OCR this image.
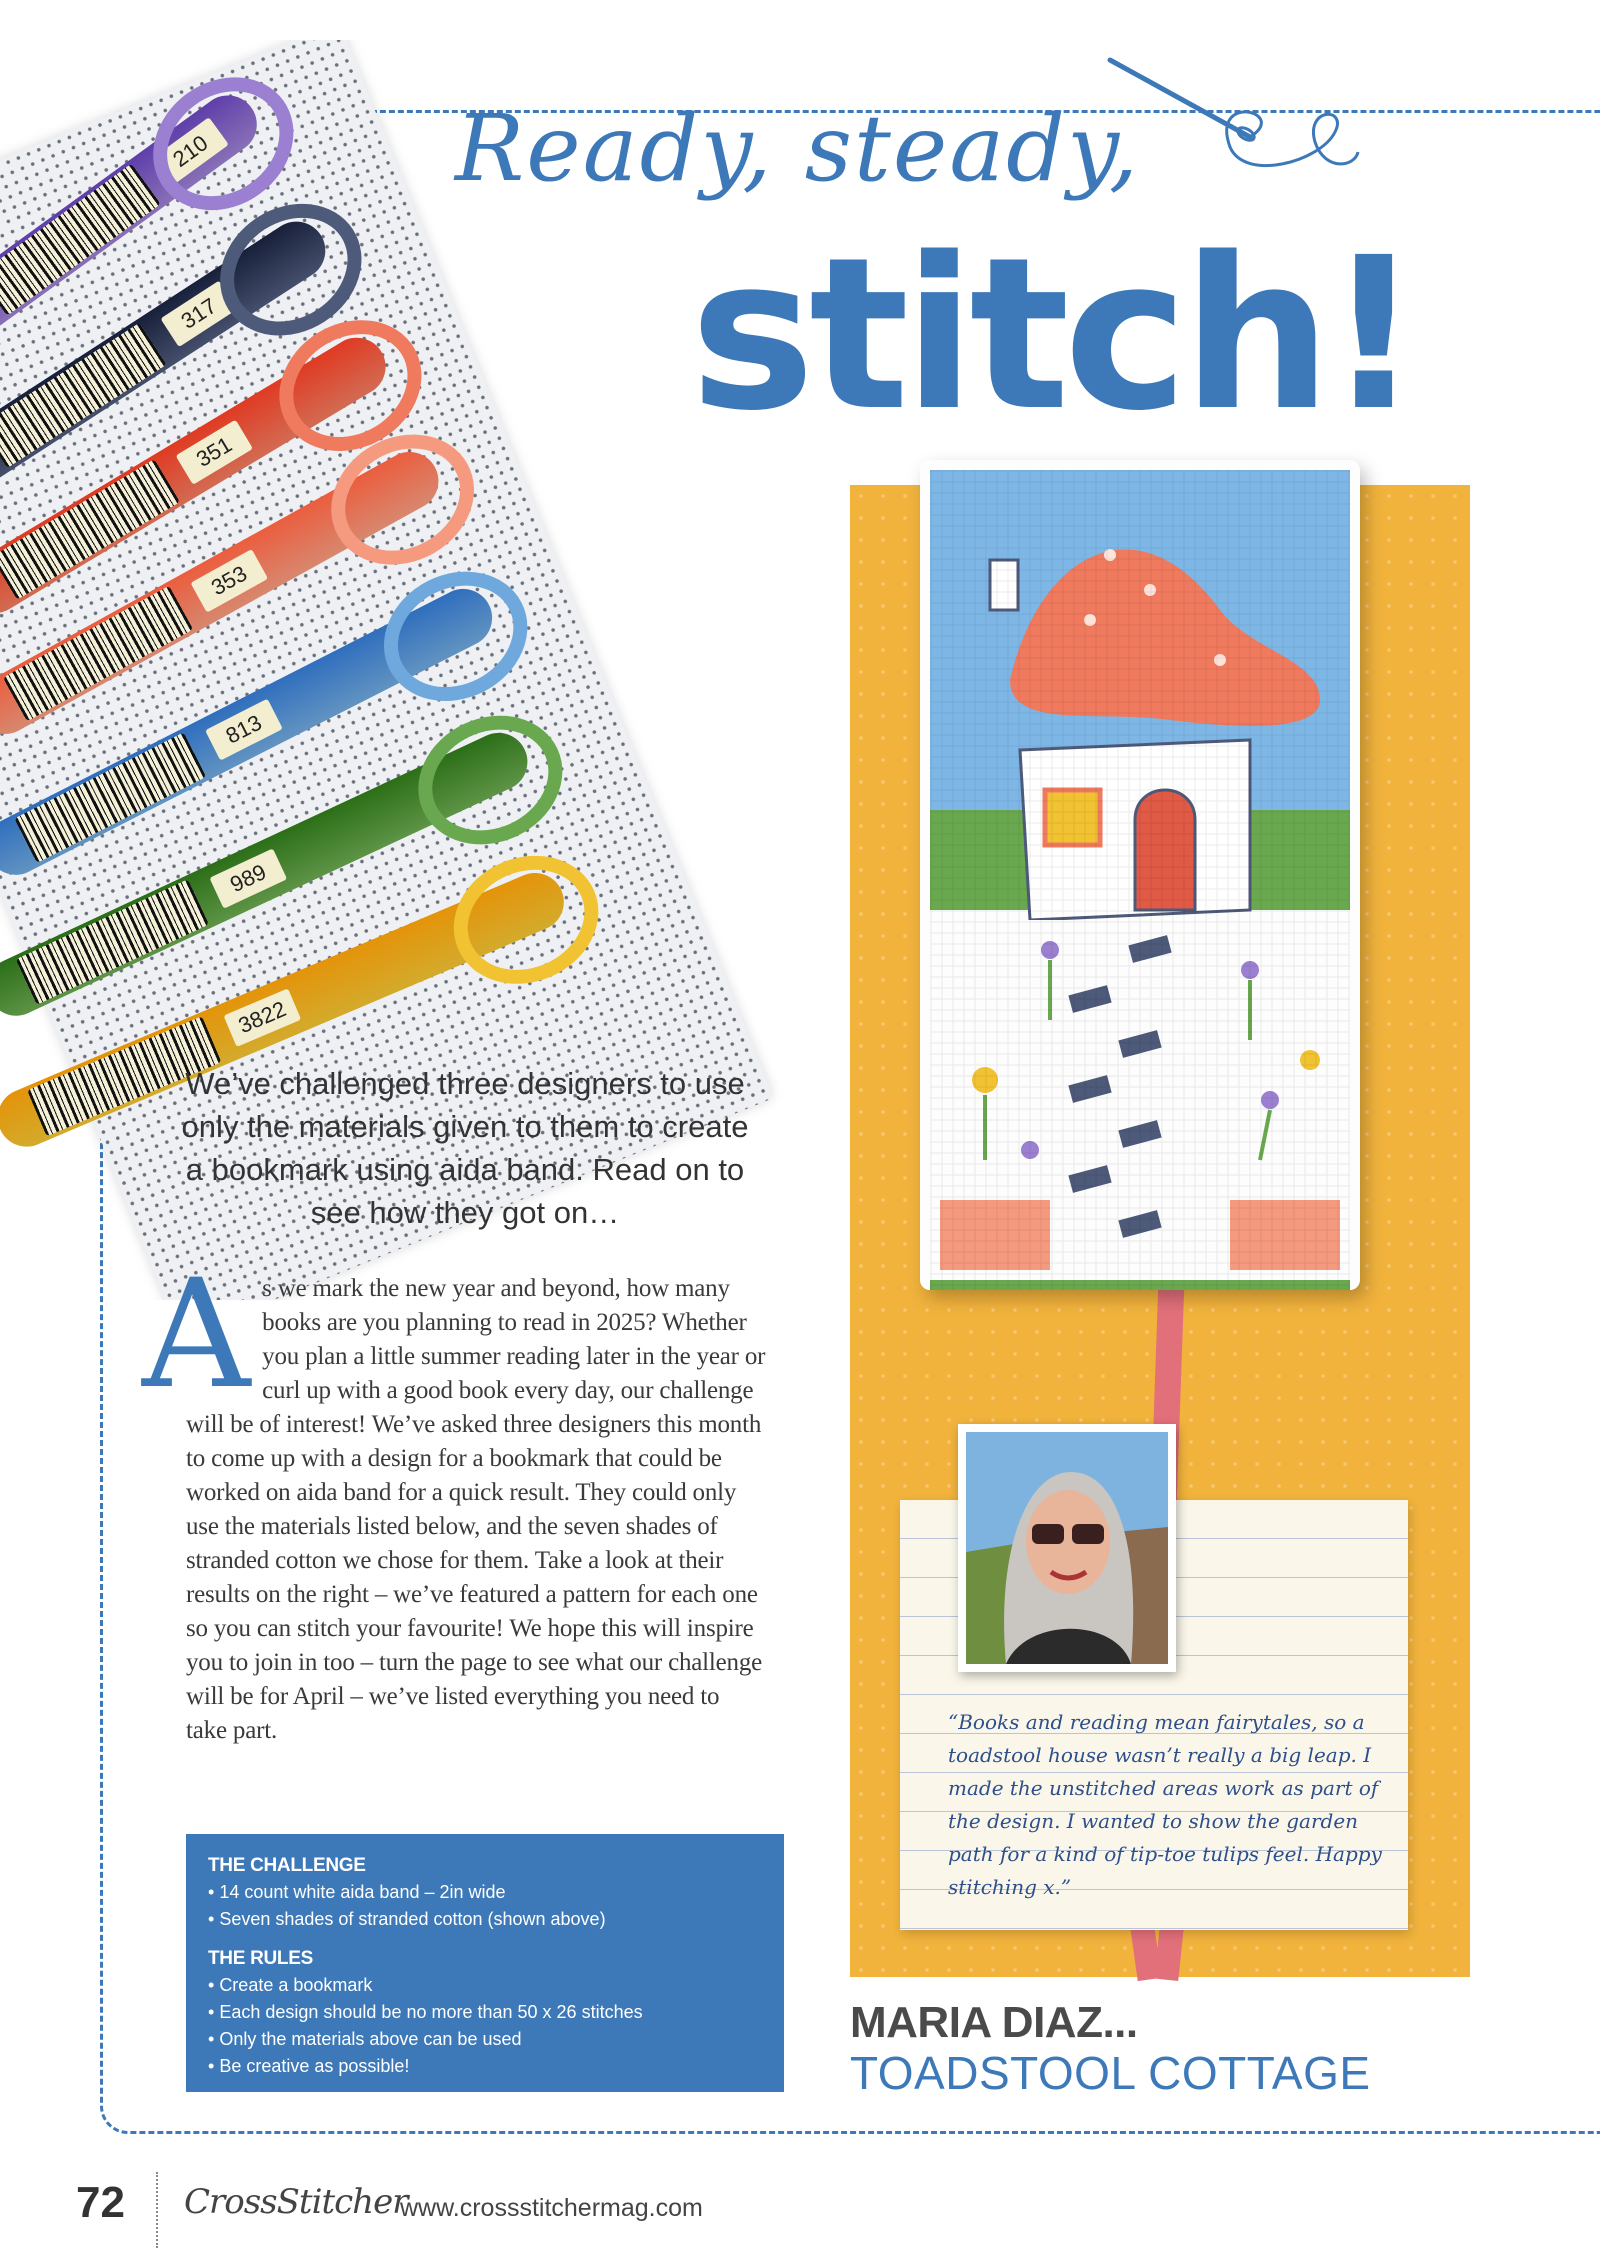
210
317
351
353
813
989
3822
Ready, steady,
stitch!
We’ve challenged three designers to use only the materials given to them to create a bookmark using aida band. Read on to see how they got on…
As we mark the new year and beyond, how many books are you planning to read in 2025? Whether you plan a little summer reading later in the year or curl up with a good book every day, our challenge will be of interest! We’ve asked three designers this month to come up with a design for a bookmark that could be worked on aida band for a quick result. They could only use the materials listed below, and the seven shades of stranded cotton we chose for them. Take a look at their results on the right – we’ve featured a pattern for each one so you can stitch your favourite! We hope this will inspire you to join in too – turn the page to see what our challenge will be for April – we’ve listed everything you need to take part.
THE CHALLENGE
• 14 count white aida band – 2in wide
• Seven shades of stranded cotton (shown above)
THE RULES
• Create a bookmark
• Each design should be no more than 50 x 26 stitches
• Only the materials above can be used
• Be creative as possible!
“Books and reading mean fairytales, so a toadstool house wasn’t really a big leap. I made the unstitched areas work as part of the design. I wanted to show the garden path for a kind of tip-toe tulips feel. Happy stitching x.”
MARIA DIAZ...
TOADSTOOL COTTAGE
72 CrossStitcher
www.crossstitchermag.com
